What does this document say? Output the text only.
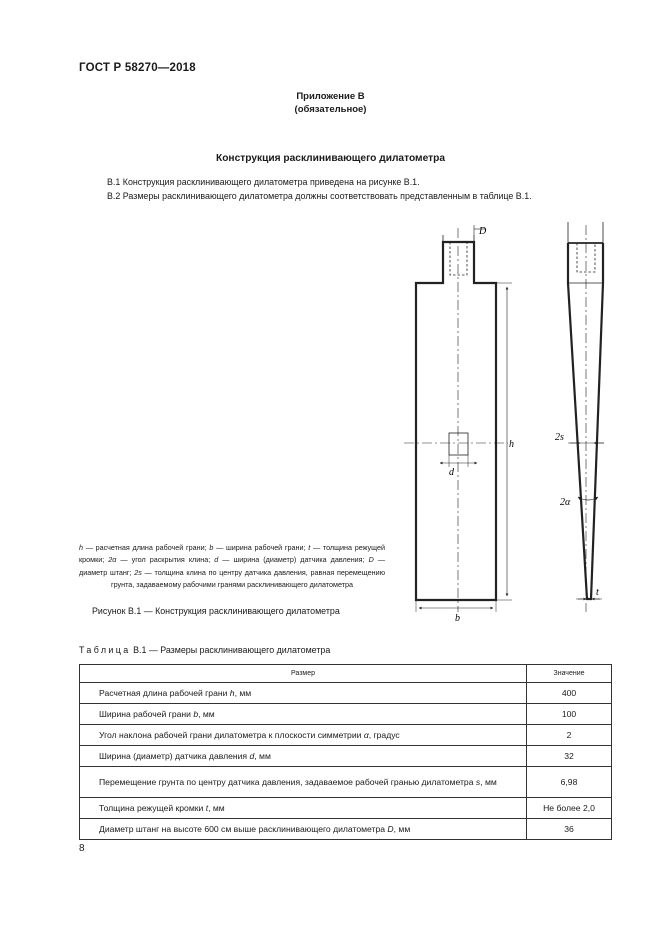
ГОСТ Р 58270—2018
Приложение В
(обязательное)
Конструкция расклинивающего дилатометра
В.1 Конструкция расклинивающего дилатометра приведена на рисунке В.1.
В.2 Размеры расклинивающего дилатометра должны соответствовать представленным в таблице В.1.
D
h
d
b
2s
2α
t
h — расчетная длина рабочей грани; b — ширина рабочей грани; t — толщина режущей кромки; 2α — угол раскрытия клина; d — ширина (диаметр) датчика давления; D — диаметр штанг; 2s — толщина клина по центру датчика давления, равная перемещению грунта, задаваемому рабочими гранями расклинивающего дилатометра
Рисунок В.1 — Конструкция расклинивающего дилатометра
Таблица В.1 — Размеры расклинивающего дилатометра
Размер	Значение
Расчетная длина рабочей грани h, мм	400
Ширина рабочей грани b, мм	100
Угол наклона рабочей грани дилатометра к плоскости симметрии α, градус	2
Ширина (диаметр) датчика давления d, мм	32
Перемещение грунта по центру датчика давления, задаваемое рабочей гранью дилатометра s, мм	6,98
Толщина режущей кромки t, мм	Не более 2,0
Диаметр штанг на высоте 600 см выше расклинивающего дилатометра D, мм	36
8
